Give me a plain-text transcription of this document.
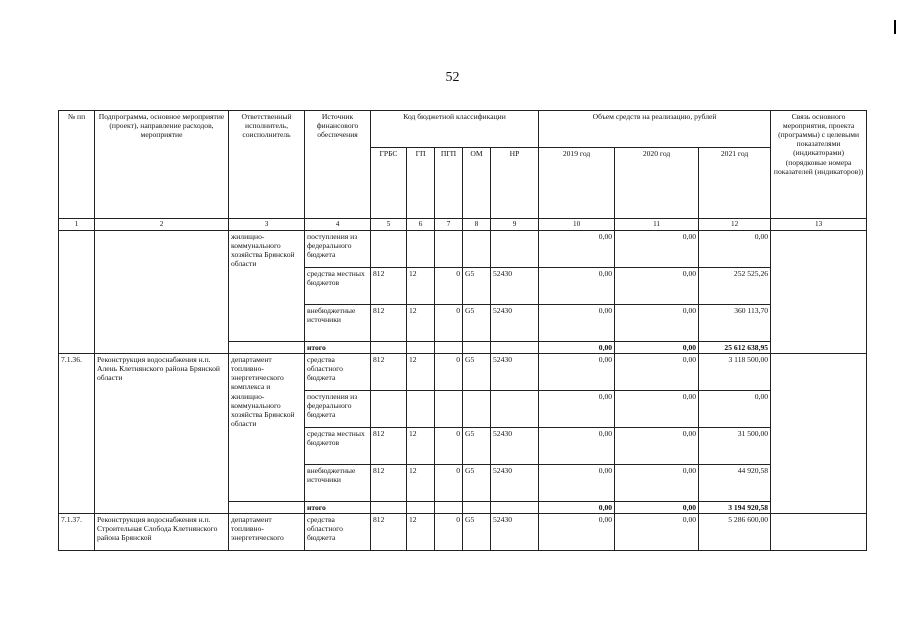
52
№ пп	Подпрограмма, основное мероприятие (проект), направление расходов, мероприятие	Ответственный исполнитель, соисполнитель	Источник финансового обеспечения	Код бюджетной классификации					Объем средств на реализацию, рублей			Связь основного мероприятия, проекта (программы) с целевыми показателями (индикаторами) (порядковые номера показателей (индикаторов))
				ГРБС	ГП	ПГП	ОМ	НР	2019 год	2020 год	2021 год	
1	2	3	4	5	6	7	8	9	10	11	12	13
		жилищно-коммунального хозяйства Брянской области	поступления из федерального бюджета						0,00	0,00	0,00	
			средства местных бюджетов	812	12	0	G5	52430	0,00	0,00	252 525,26	
			внебюджетные источники	812	12	0	G5	52430	0,00	0,00	360 113,70	
			итого						0,00	0,00	25 612 638,95	
7.1.36.	Реконструкция водоснабжения н.п. Алень Клетнянского района Брянской области	департамент топливно-энергетического комплекса и жилищно-коммунального хозяйства Брянской области	средства областного бюджета	812	12	0	G5	52430	0,00	0,00	3 118 500,00	
			поступления из федерального бюджета						0,00	0,00	0,00	
			средства местных бюджетов	812	12	0	G5	52430	0,00	0,00	31 500,00	
			внебюджетные источники	812	12	0	G5	52430	0,00	0,00	44 920,58	
			итого						0,00	0,00	3 194 920,58	
7.1.37.	Реконструкция водоснабжения н.п. Строительная Слобода Клетнянского района Брянской	департамент топливно-энергетического	средства областного бюджета	812	12	0	G5	52430	0,00	0,00	5 286 600,00	
